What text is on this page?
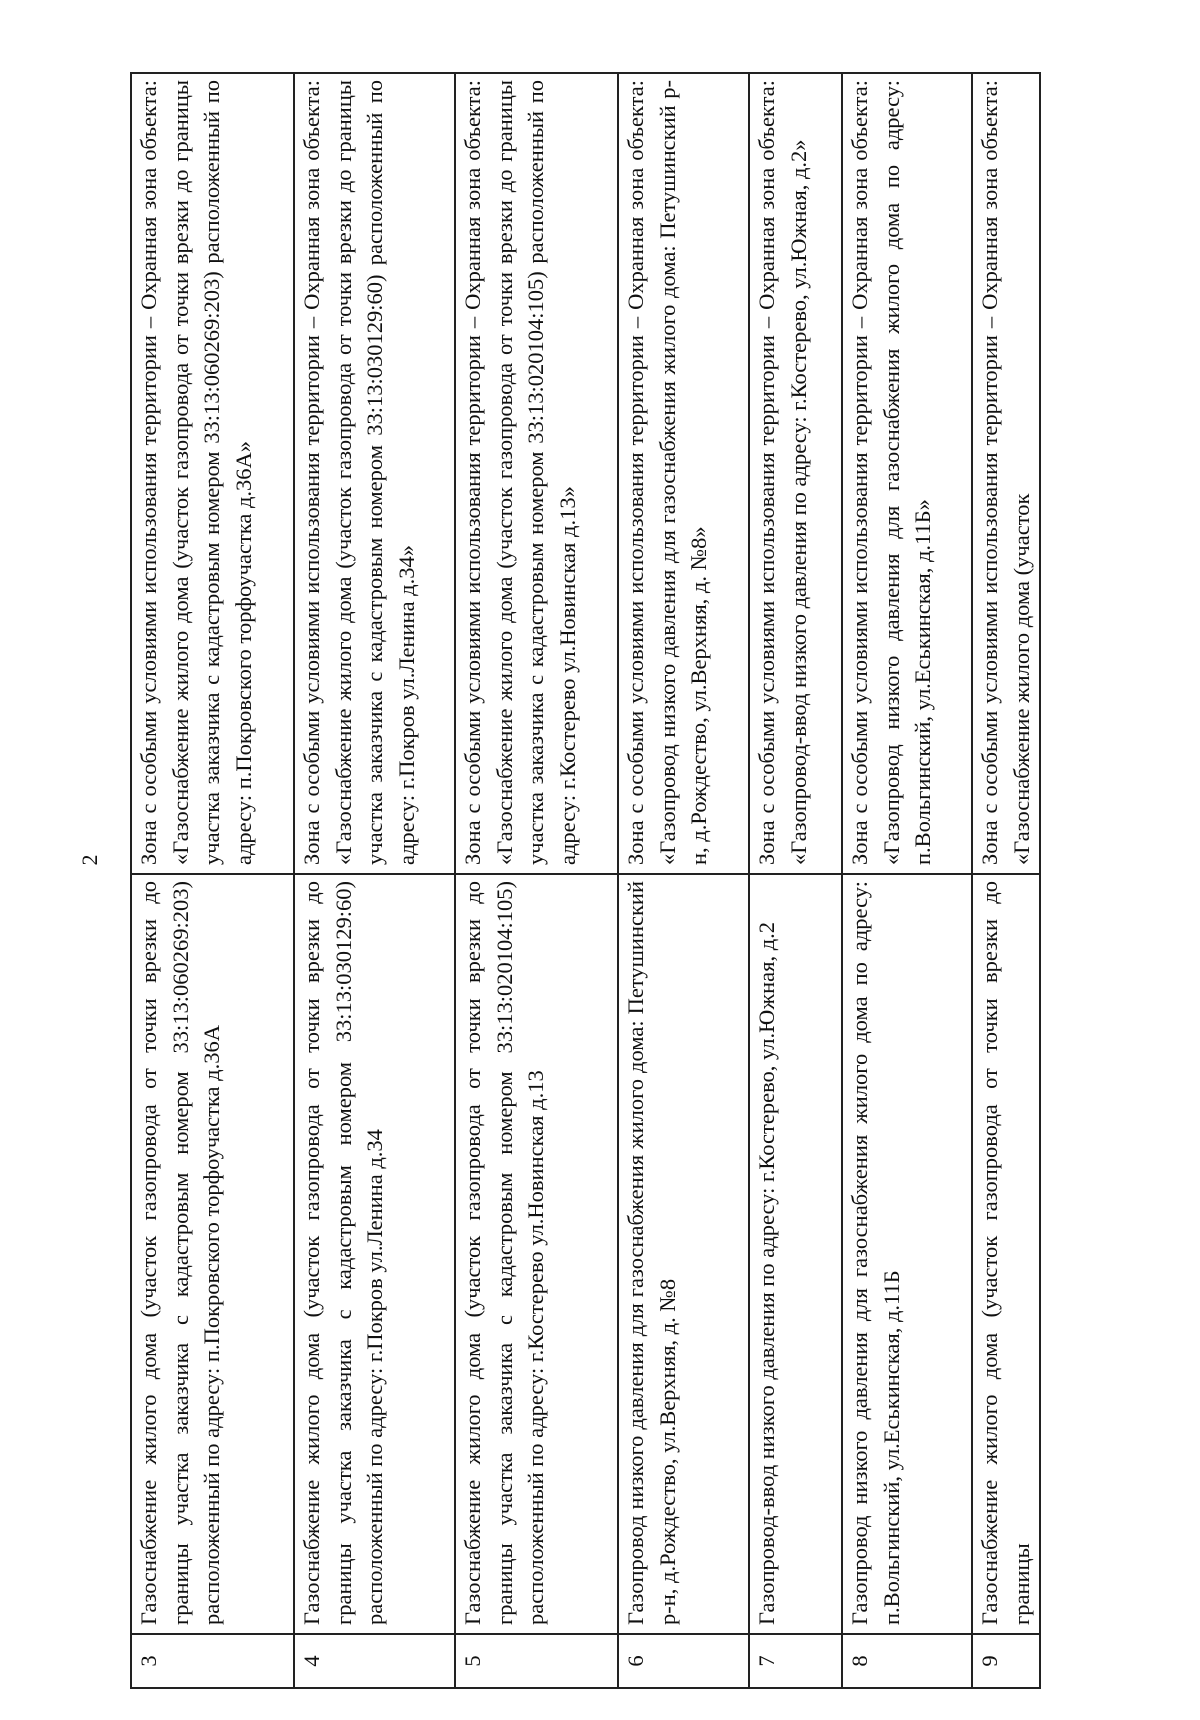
2
3	Газоснабжение жилого дома (участок газопровода от точки врезки до границы участка заказчика с кадастровым номером 33:13:060269:203) расположенный по адресу: п.Покровского торфоучастка д.36А	Зона с особыми условиями использования территории – Охранная зона объекта: «Газоснабжение жилого дома (участок газопровода от точки врезки до границы участка заказчика с кадастровым номером 33:13:060269:203) расположенный по адресу: п.Покровского торфоучастка д.36А»
4	Газоснабжение жилого дома (участок газопровода от точки врезки до границы участка заказчика с кадастровым номером 33:13:030129:60) расположенный по адресу: г.Покров ул.Ленина д.34	Зона с особыми условиями использования территории – Охранная зона объекта: «Газоснабжение жилого дома (участок газопровода от точки врезки до границы участка заказчика с кадастровым номером 33:13:030129:60) расположенный по адресу: г.Покров ул.Ленина д.34»
5	Газоснабжение жилого дома (участок газопровода от точки врезки до границы участка заказчика с кадастровым номером 33:13:020104:105) расположенный по адресу: г.Костерево ул.Новинская д.13	Зона с особыми условиями использования территории – Охранная зона объекта: «Газоснабжение жилого дома (участок газопровода от точки врезки до границы участка заказчика с кадастровым номером 33:13:020104:105) расположенный по адресу: г.Костерево ул.Новинская д.13»
6	Газопровод низкого давления для газоснабжения жилого дома: Петушинский р-н, д.Рождество, ул.Верхняя, д. №8	Зона с особыми условиями использования территории – Охранная зона объекта: «Газопровод низкого давления для газоснабжения жилого дома: Петушинский р-н, д.Рождество, ул.Верхняя, д. №8»
7	Газопровод-ввод низкого давления по адресу: г.Костерево, ул.Южная, д.2	Зона с особыми условиями использования территории – Охранная зона объекта: «Газопровод-ввод низкого давления по адресу: г.Костерево, ул.Южная, д.2»
8	Газопровод низкого давления для газоснабжения жилого дома по адресу: п.Вольгинский, ул.Еськинская, д.11Б	Зона с особыми условиями использования территории – Охранная зона объекта: «Газопровод низкого давления для газоснабжения жилого дома по адресу: п.Вольгинский, ул.Еськинская, д.11Б»
9	Газоснабжение жилого дома (участок газопровода от точки врезки до границы	Зона с особыми условиями использования территории – Охранная зона объекта: «Газоснабжение жилого дома (участок
